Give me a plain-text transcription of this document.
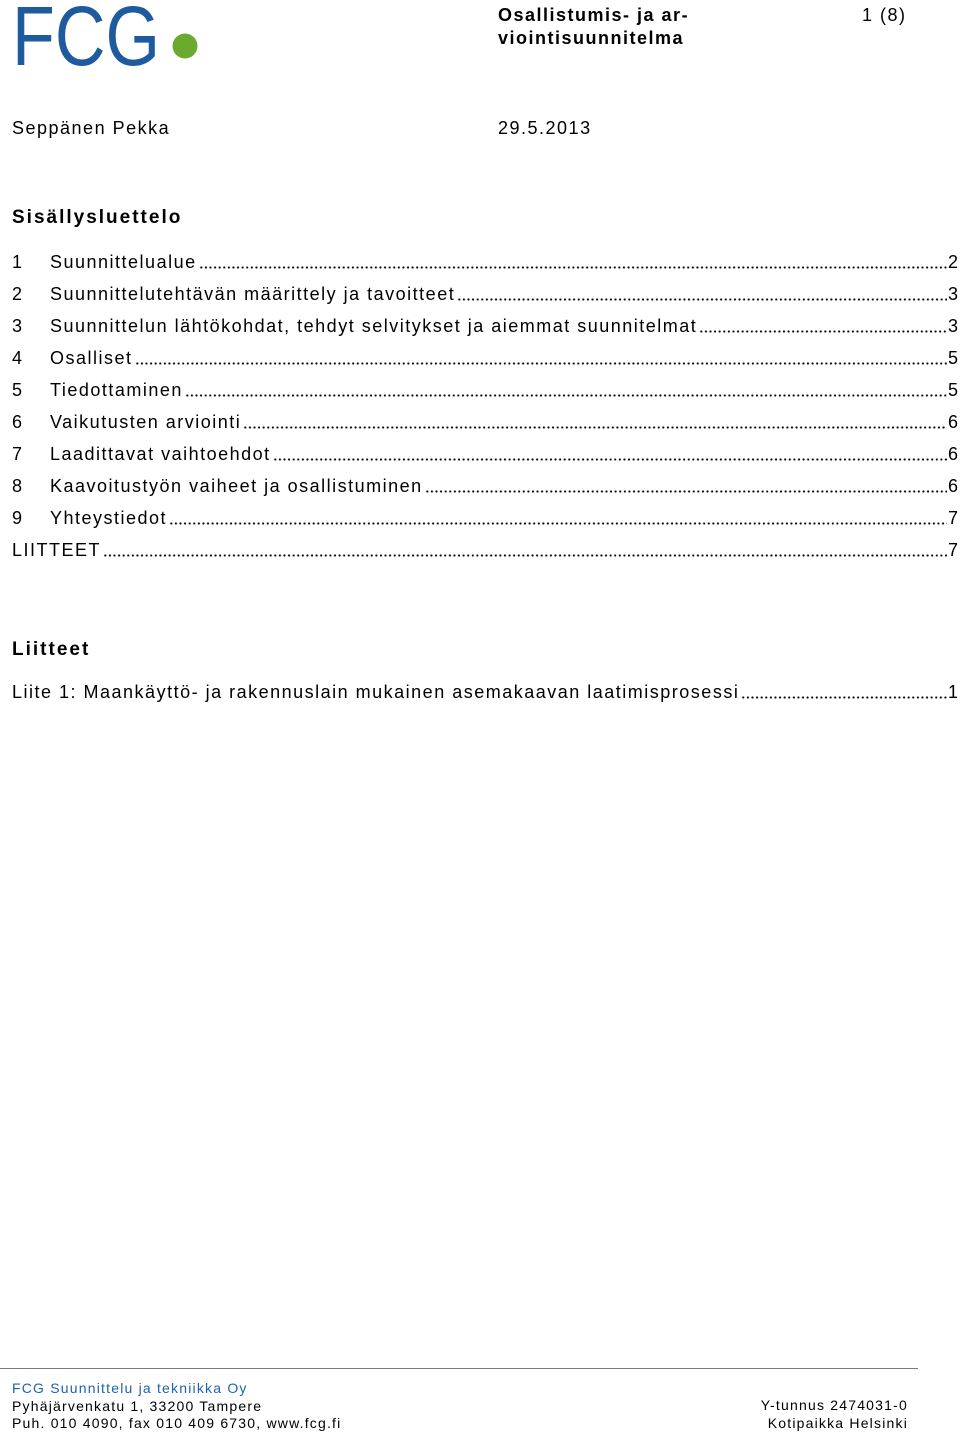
FCG	Osallistumis- ja ar-
viointisuunnitelma
1 (8)
Seppänen Pekka	29.5.2013
Sisällysluettelo
1	Suunnittelualue	2
2	Suunnittelutehtävän määrittely ja tavoitteet	3
3	Suunnittelun lähtökohdat, tehdyt selvitykset ja aiemmat suunnitelmat	3
4	Osalliset	5
5	Tiedottaminen	5
6	Vaikutusten arviointi	6
7	Laadittavat vaihtoehdot	6
8	Kaavoitustyön vaiheet ja osallistuminen	6
9	Yhteystiedot	7
LIITTEET	7
Liitteet
Liite 1: Maankäyttö- ja rakennuslain mukainen asemakaavan laatimisprosessi	1
FCG Suunnittelu ja tekniikka Oy
Pyhäjärvenkatu 1, 33200 Tampere
Puh. 010 4090, fax 010 409 6730, www.fcg.fi
Y-tunnus 2474031-0
Kotipaikka Helsinki
